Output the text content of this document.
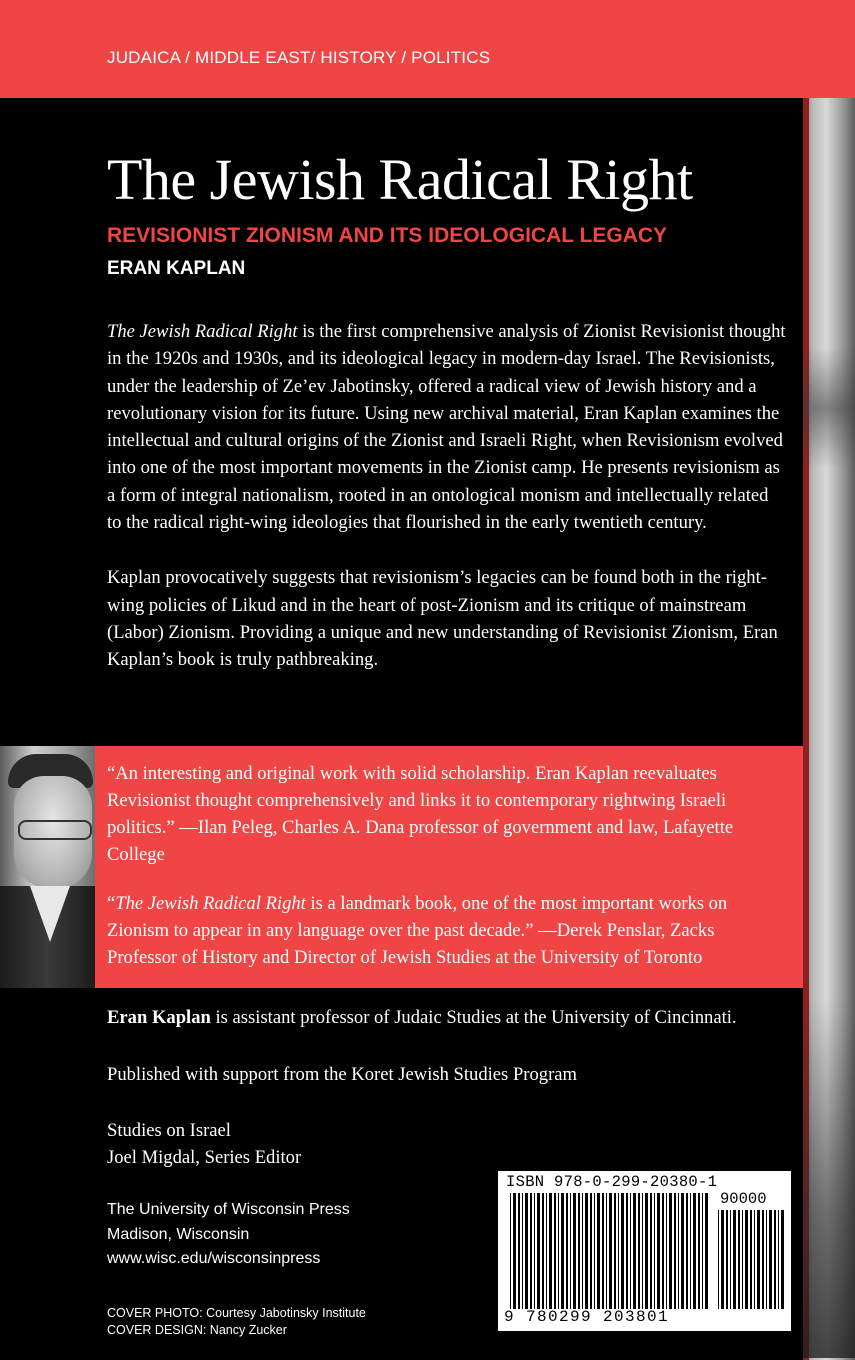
JUDAICA / MIDDLE EAST/ HISTORY / POLITICS
The Jewish Radical Right
REVISIONIST ZIONISM AND ITS IDEOLOGICAL LEGACY
ERAN KAPLAN

The Jewish Radical Right is the first comprehensive analysis of Zionist Revisionist thought in the 1920s and 1930s, and its ideological legacy in modern-day Israel. The Revisionists, under the leadership of Ze’ev Jabotinsky, offered a radical view of Jewish history and a revolutionary vision for its future. Using new archival material, Eran Kaplan examines the intellectual and cultural origins of the Zionist and Israeli Right, when Revisionism evolved into one of the most important movements in the Zionist camp. He presents revisionism as a form of integral nationalism, rooted in an ontological monism and intellectually related to the radical right-wing ideologies that flourished in the early twentieth century.

Kaplan provocatively suggests that revisionism’s legacies can be found both in the right-wing policies of Likud and in the heart of post-Zionism and its critique of mainstream (Labor) Zionism. Providing a unique and new understanding of Revisionist Zionism, Eran Kaplan’s book is truly pathbreaking.

“An interesting and original work with solid scholarship. Eran Kaplan reevaluates Revisionist thought comprehensively and links it to contemporary rightwing Israeli politics.” —Ilan Peleg, Charles A. Dana professor of government and law, Lafayette College

“The Jewish Radical Right is a landmark book, one of the most important works on Zionism to appear in any language over the past decade.” —Derek Penslar, Zacks Professor of History and Director of Jewish Studies at the University of Toronto

Eran Kaplan is assistant professor of Judaic Studies at the University of Cincinnati.
Published with support from the Koret Jewish Studies Program
Studies on Israel
Joel Migdal, Series Editor
The University of Wisconsin Press
Madison, Wisconsin
www.wisc.edu/wisconsinpress
COVER PHOTO: Courtesy Jabotinsky Institute
COVER DESIGN: Nancy Zucker
ISBN 978-0-299-20380-1
90000
9 780299 203801
